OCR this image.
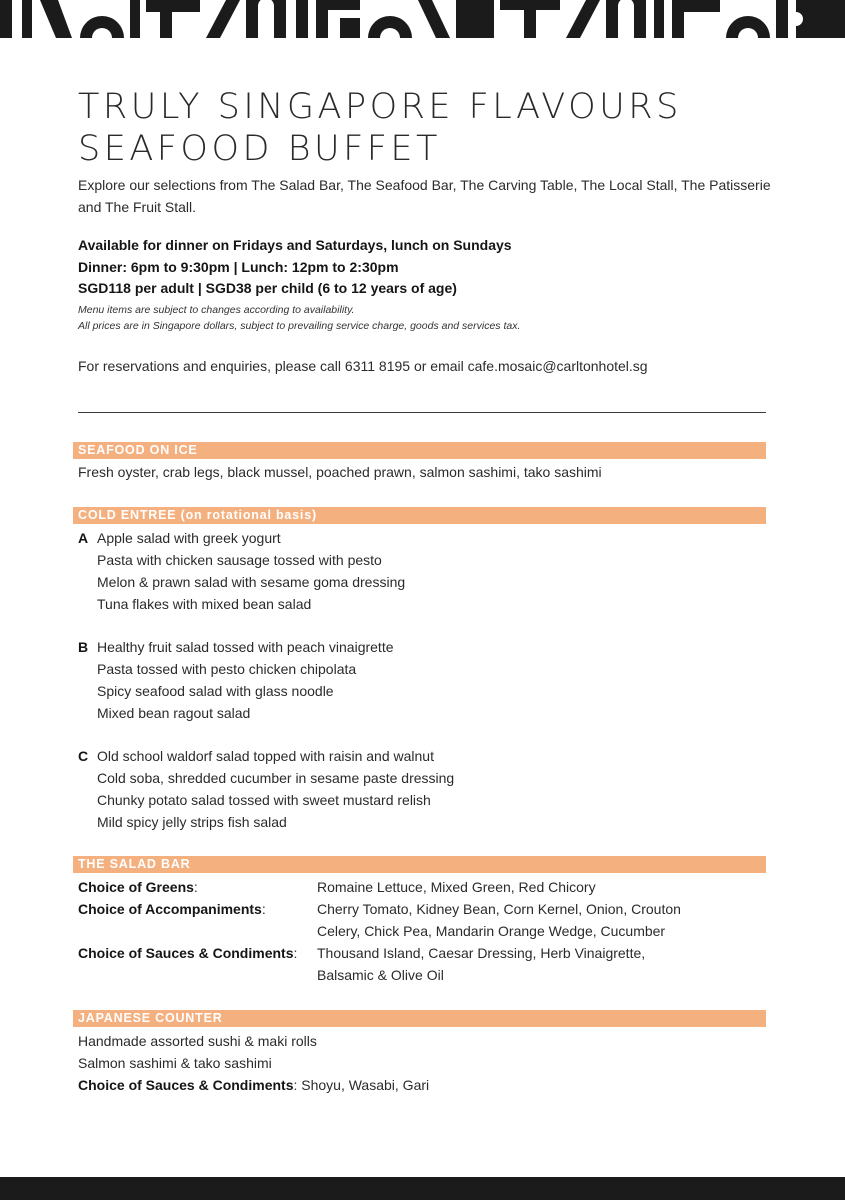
TRULY SINGAPORE FLAVOURS
SEAFOOD BUFFET

Explore our selections from The Salad Bar, The Seafood Bar, The Carving Table, The Local Stall, The Patisserie and The Fruit Stall.

Available for dinner on Fridays and Saturdays, lunch on Sundays
Dinner: 6pm to 9:30pm | Lunch: 12pm to 2:30pm
SGD118 per adult | SGD38 per child (6 to 12 years of age)
Menu items are subject to changes according to availability.
All prices are in Singapore dollars, subject to prevailing service charge, goods and services tax.

For reservations and enquiries, please call 6311 8195 or email cafe.mosaic@carltonhotel.sg

SEAFOOD ON ICE
Fresh oyster, crab legs, black mussel, poached prawn, salmon sashimi, tako sashimi
COLD ENTREE (on rotational basis)
A Apple salad with greek yogurt
Pasta with chicken sausage tossed with pesto
Melon & prawn salad with sesame goma dressing
Tuna flakes with mixed bean salad
B Healthy fruit salad tossed with peach vinaigrette
Pasta tossed with pesto chicken chipolata
Spicy seafood salad with glass noodle
Mixed bean ragout salad
C Old school waldorf salad topped with raisin and walnut
Cold soba, shredded cucumber in sesame paste dressing
Chunky potato salad tossed with sweet mustard relish
Mild spicy jelly strips fish salad
THE SALAD BAR
Choice of Greens:	Romaine Lettuce, Mixed Green, Red Chicory
Choice of Accompaniments:	Cherry Tomato, Kidney Bean, Corn Kernel, Onion, Crouton
Celery, Chick Pea, Mandarin Orange Wedge, Cucumber
Choice of Sauces & Condiments: Thousand Island, Caesar Dressing, Herb Vinaigrette,
Balsamic & Olive Oil
JAPANESE COUNTER
Handmade assorted sushi & maki rolls
Salmon sashimi & tako sashimi
Choice of Sauces & Condiments: Shoyu, Wasabi, Gari
